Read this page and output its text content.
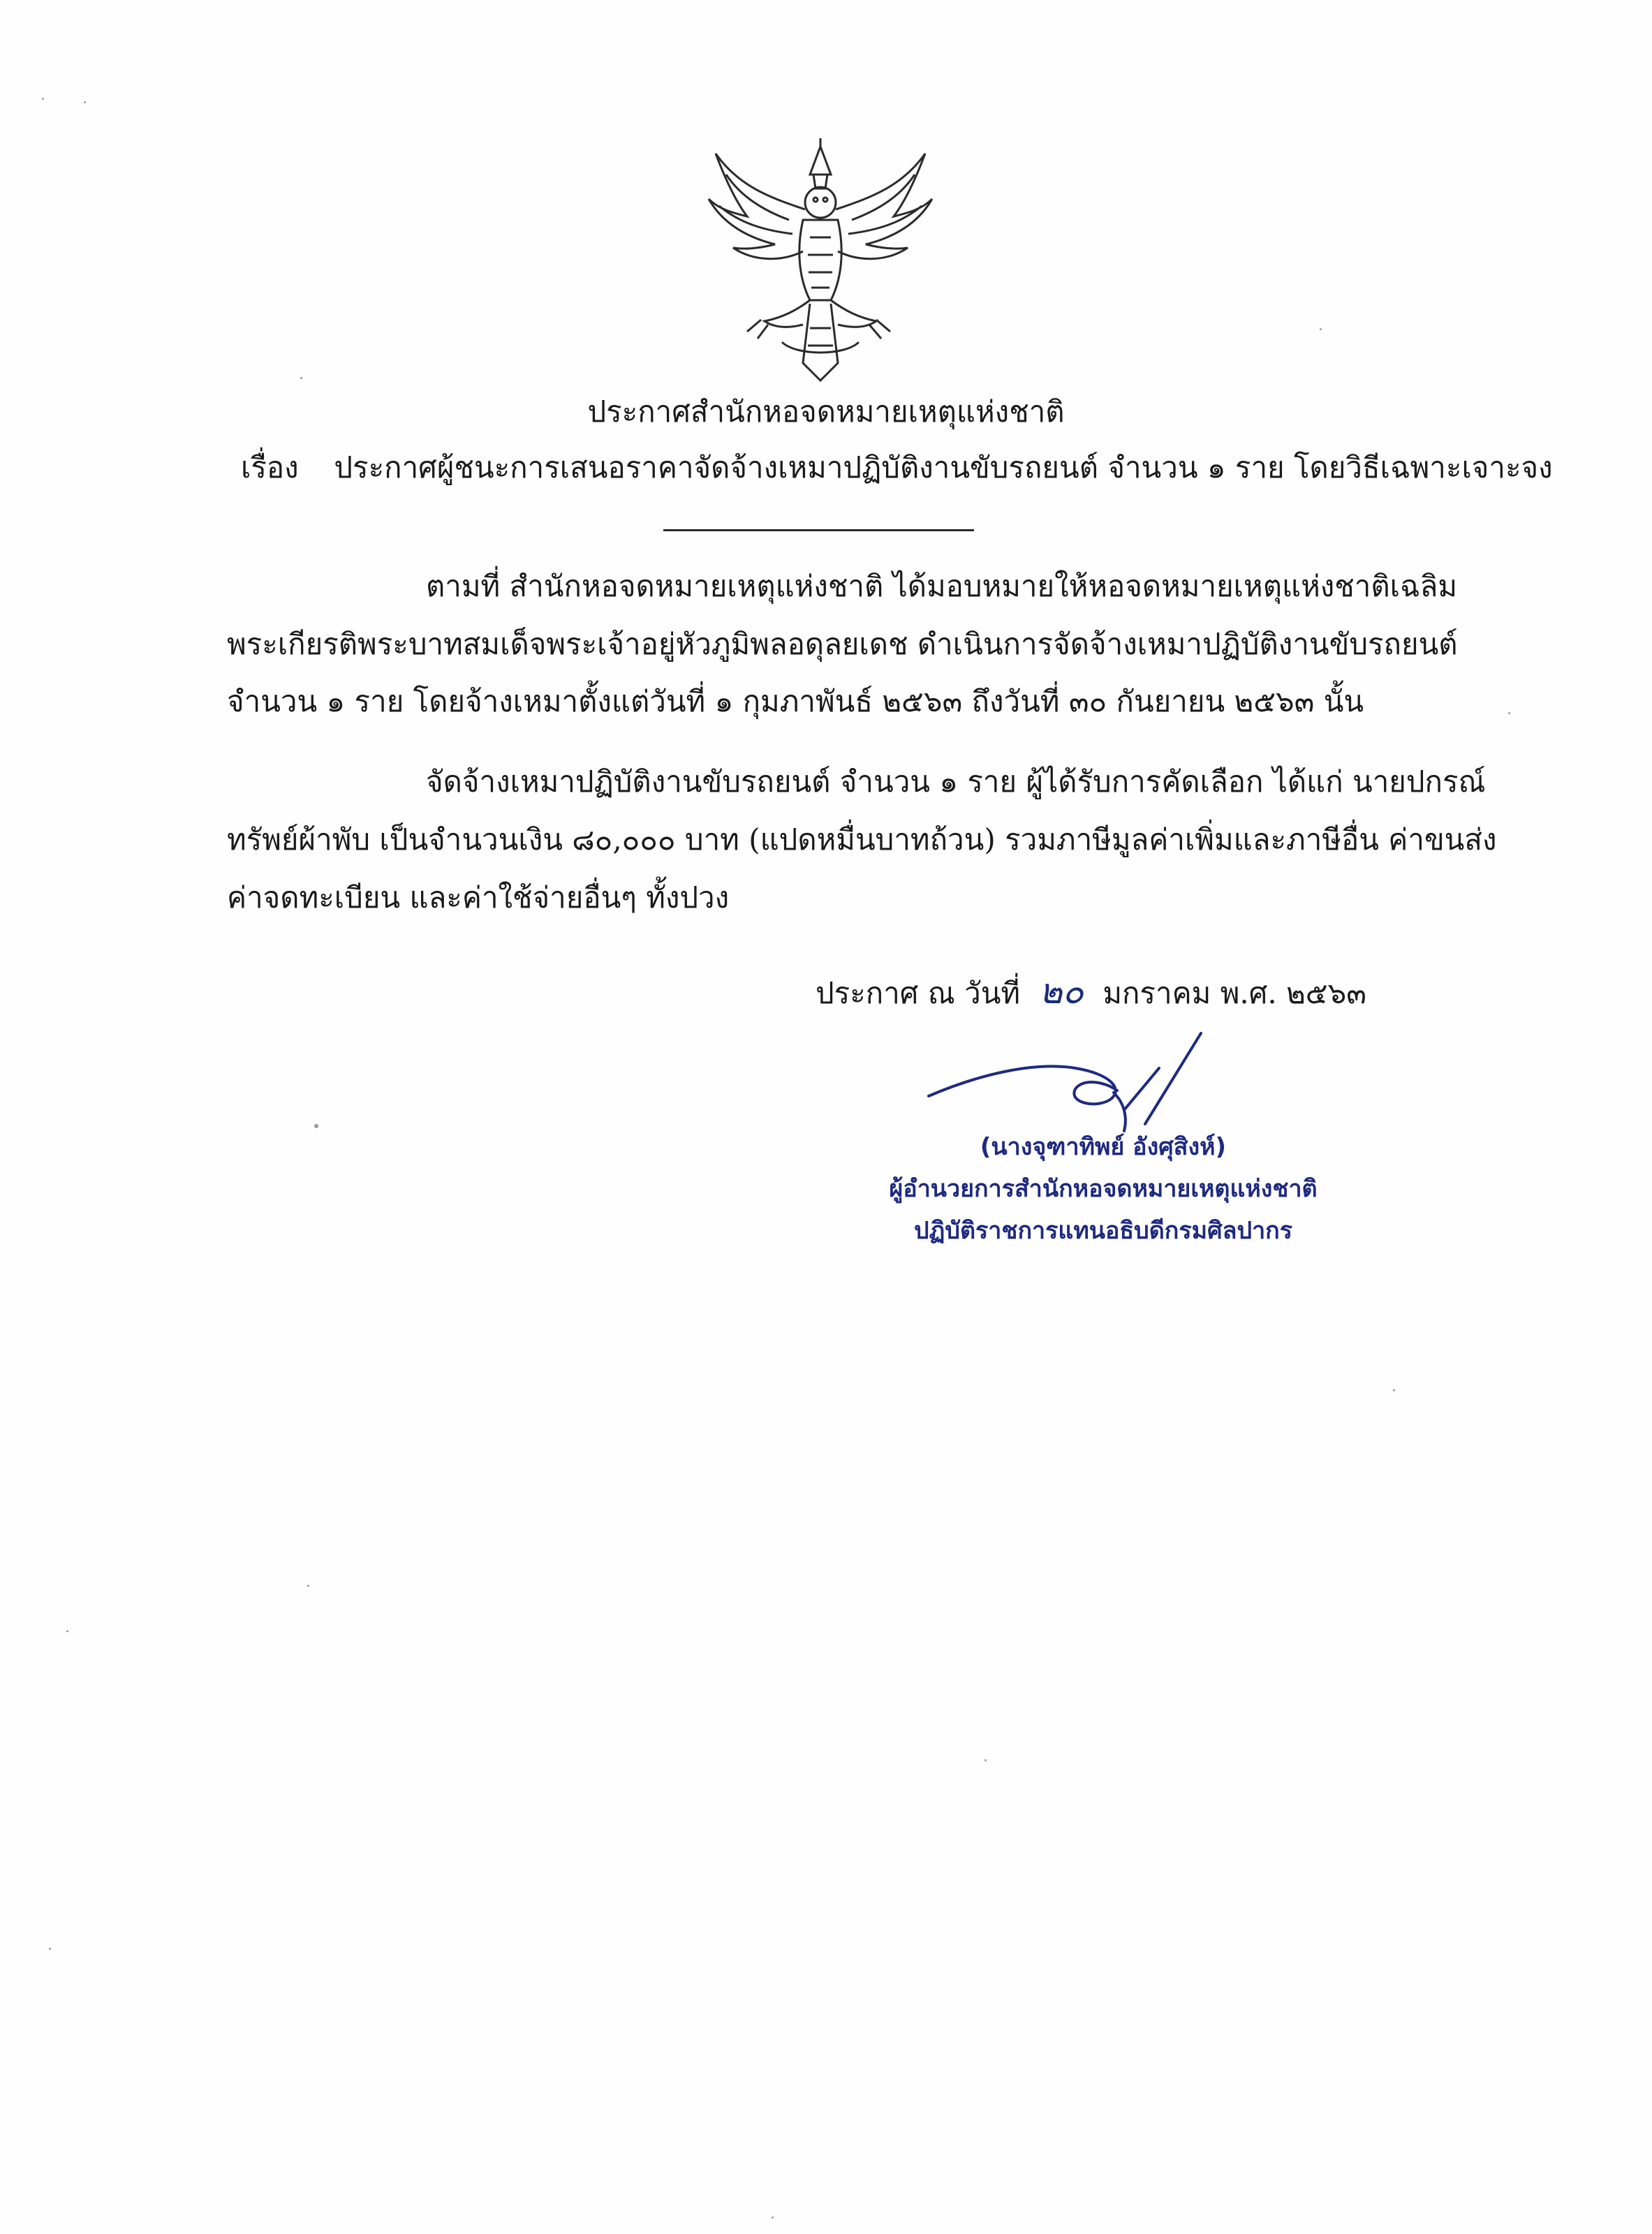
ประกาศสำนักหอจดหมายเหตุแห่งชาติ
เรื่อง ประกาศผู้ชนะการเสนอราคาจัดจ้างเหมาปฏิบัติงานขับรถยนต์ จำนวน ๑ ราย โดยวิธีเฉพาะเจาะจง
ตามที่ สำนักหอจดหมายเหตุแห่งชาติ ได้มอบหมายให้หอจดหมายเหตุแห่งชาติเฉลิม
พระเกียรติพระบาทสมเด็จพระเจ้าอยู่หัวภูมิพลอดุลยเดช ดำเนินการจัดจ้างเหมาปฏิบัติงานขับรถยนต์
จำนวน ๑ ราย โดยจ้างเหมาตั้งแต่วันที่ ๑ กุมภาพันธ์ ๒๕๖๓ ถึงวันที่ ๓๐ กันยายน ๒๕๖๓ นั้น
จัดจ้างเหมาปฏิบัติงานขับรถยนต์ จำนวน ๑ ราย ผู้ได้รับการคัดเลือก ได้แก่ นายปกรณ์
ทรัพย์ผ้าพับ เป็นจำนวนเงิน ๘๐,๐๐๐ บาท (แปดหมื่นบาทถ้วน) รวมภาษีมูลค่าเพิ่มและภาษีอื่น ค่าขนส่ง
ค่าจดทะเบียน และค่าใช้จ่ายอื่นๆ ทั้งปวง
ประกาศ ณ วันที่ ๒๐ มกราคม พ.ศ. ๒๕๖๓
(นางจุฑาทิพย์ อังศุสิงห์)
ผู้อำนวยการสำนักหอจดหมายเหตุแห่งชาติ
ปฏิบัติราชการแทนอธิบดีกรมศิลปากร
